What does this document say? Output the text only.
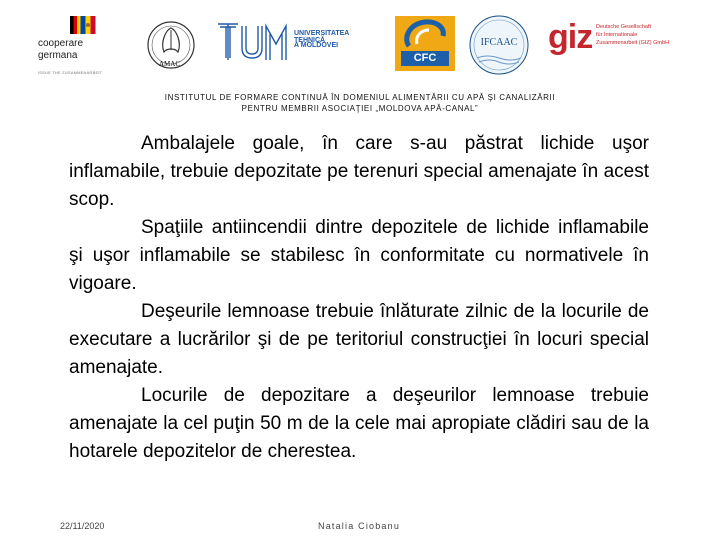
cooperare
germana
ISSUE THE ZUSAMMENARBEIT
AMAC
UNIVERSITATEA TEHNICĂ
A MOLDOVEI
CFC
IFCAAC giz Deutsche Gesellschaft
für Internationale
Zusammenarbeit (GIZ) GmbH
INSTITUTUL DE FORMARE CONTINUĂ ÎN DOMENIUL ALIMENTĂRII CU APĂ ŞI CANALIZĂRII
PENTRU MEMBRII ASOCIAŢIEI „MOLDOVA APĂ-CANAL”

Ambalajele goale, în care s-au păstrat lichide uşor inflamabile, trebuie depozitate pe terenuri special amenajate în acest scop.

Spaţiile antiincendii dintre depozitele de lichide inflamabile şi uşor inflamabile se stabilesc în conformitate cu normativele în vigoare.

Deşeurile lemnoase trebuie înlăturate zilnic de la locurile de executare a lucrărilor şi de pe teritoriul construcţiei în locuri special amenajate.

Locurile de depozitare a deşeurilor lemnoase trebuie amenajate la cel puţin 50 m de la cele mai apropiate clădiri sau de la hotarele depozitelor de cherestea.

22/11/2020	Natalia Ciobanu
